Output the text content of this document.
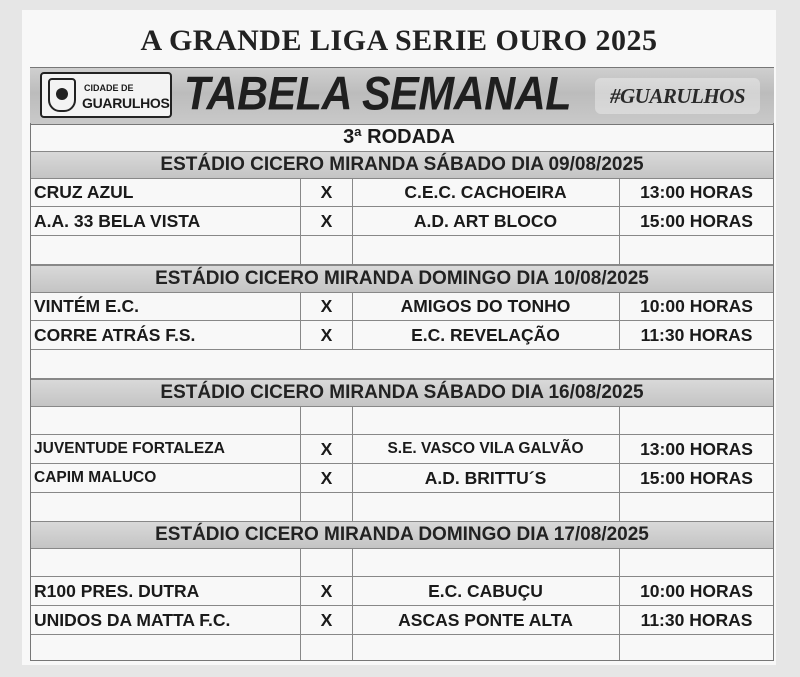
A GRANDE LIGA SERIE OURO 2025
CIDADE DE
GUARULHOS TABELA SEMANAL	#GUARULHOS
3ª RODADA
ESTÁDIO CICERO MIRANDA SÁBADO DIA 09/08/2025
CRUZ AZUL	X	C.E.C. CACHOEIRA	13:00 HORAS
A.A. 33 BELA VISTA	X	A.D. ART BLOCO	15:00 HORAS
ESTÁDIO CICERO MIRANDA DOMINGO DIA 10/08/2025
VINTÉM E.C.	X	AMIGOS DO TONHO	10:00 HORAS
CORRE ATRÁS F.S.	X	E.C. REVELAÇÃO	11:30 HORAS
ESTÁDIO CICERO MIRANDA SÁBADO DIA 16/08/2025
JUVENTUDE FORTALEZA	X	S.E. VASCO VILA GALVÃO	13:00 HORAS
CAPIM MALUCO	X	A.D. BRITTU´S	15:00 HORAS
ESTÁDIO CICERO MIRANDA DOMINGO DIA 17/08/2025
R100 PRES. DUTRA	X	E.C. CABUÇU	10:00 HORAS
UNIDOS DA MATTA F.C.	X	ASCAS PONTE ALTA	11:30 HORAS
